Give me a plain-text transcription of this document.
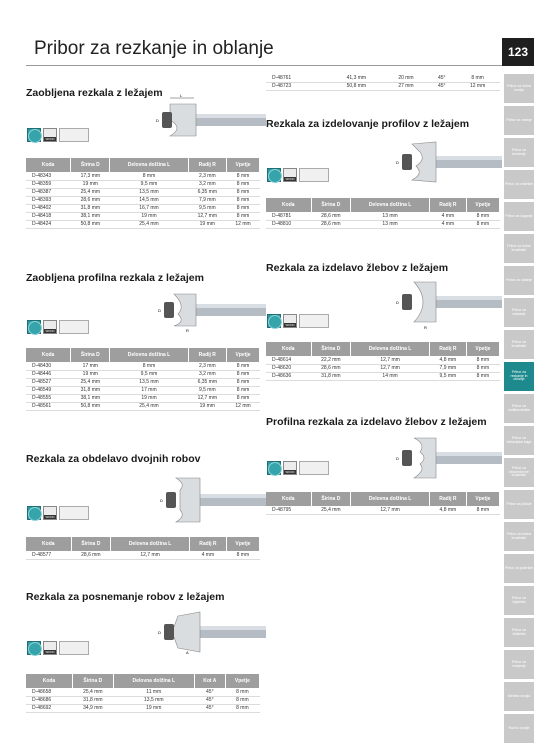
Pribor za rezkanje in oblanje	123
Pribor za ročna orodja
Pribor za vrtanje
Pribor za brušenje
Pribor za vrtalnike
Pribor za žaganje
Pribor za kotne brusilnike
Pribor za oblanje
Pribor za rezkanje
Pribor za brusilnike
Pribor za rezkanje in oblanje
Pribor za multibrusilnike
Pribor za vibracijske žage
Pribor za ekscentrične brusilnike
Pribor za pištole
Pribor za tračne brusilnike
Pribor za polirnike
Pribor za vijačnike
Pribor za čistilnike
Pribor za merjenje
Merilna orodja
Ročno orodje
Zaobljena rezkala z ležajem
WOOD	L
D
Koda	Širina D	Delovna dolžina L	Radij R	Vpetje
D-48343	17,3 mm	8 mm	2,3 mm	8 mm
D-48359	19 mm	9,5 mm	3,2 mm	8 mm
D-48387	25,4 mm	13,5 mm	6,35 mm	8 mm
D-48393	28,6 mm	14,5 mm	7,9 mm	8 mm
D-48402	31,8 mm	16,7 mm	9,5 mm	8 mm
D-48418	38,1 mm	19 mm	12,7 mm	8 mm
D-48424	50,8 mm	25,4 mm	19 mm	12 mm
Zaobljena profilna rezkala z ležajem
WOOD
D
R
Koda	Širina D	Delovna dolžina L	Radij R	Vpetje
D-48430	17 mm	8 mm	2,3 mm	8 mm
D-48446	19 mm	9,5 mm	3,2 mm	8 mm
D-48527	25,4 mm	13,5 mm	6,35 mm	8 mm
D-48549	31,8 mm	17 mm	9,5 mm	8 mm
D-48555	38,1 mm	19 mm	12,7 mm	8 mm
D-48561	50,8 mm	25,4 mm	19 mm	12 mm
Rezkala za obdelavo dvojnih robov
WOOD
D
Koda	Širina D	Delovna dolžina L	Radij R	Vpetje
D-48577	28,6 mm	12,7 mm	4 mm	8 mm
Rezkala za posnemanje robov z ležajem
WOOD
D
A
Koda	Širina D	Delovna dolžina L	Kot A	Vpetje
D-48658	25,4 mm	11 mm	45°	8 mm
D-48686	31,8 mm	13,5 mm	45°	8 mm
D-48692	34,9 mm	19 mm	45°	8 mm
D-48761	41,3 mm	20 mm	45°	8 mm
D-48723	50,8 mm	27 mm	45°	12 mm
Rezkala za izdelovanje profilov z ležajem
WOOD
D
Koda	Širina D	Delovna dolžina L	Radij R	Vpetje
D-48781	28,6 mm	13 mm	4 mm	8 mm
D-48810	28,6 mm	13 mm	4 mm	8 mm
Rezkala za izdelavo žlebov z ležajem
WOOD
D
R
Koda	Širina D	Delovna dolžina L	Radij R	Vpetje
D-48614	22,2 mm	12,7 mm	4,8 mm	8 mm
D-48620	28,6 mm	12,7 mm	7,9 mm	8 mm
D-48636	31,8 mm	14 mm	9,5 mm	8 mm
Profilna rezkala za izdelavo žlebov z ležajem
WOOD
D
Koda	Širina D	Delovna dolžina L	Radij R	Vpetje
D-48795	25,4 mm	12,7 mm	4,8 mm	8 mm
